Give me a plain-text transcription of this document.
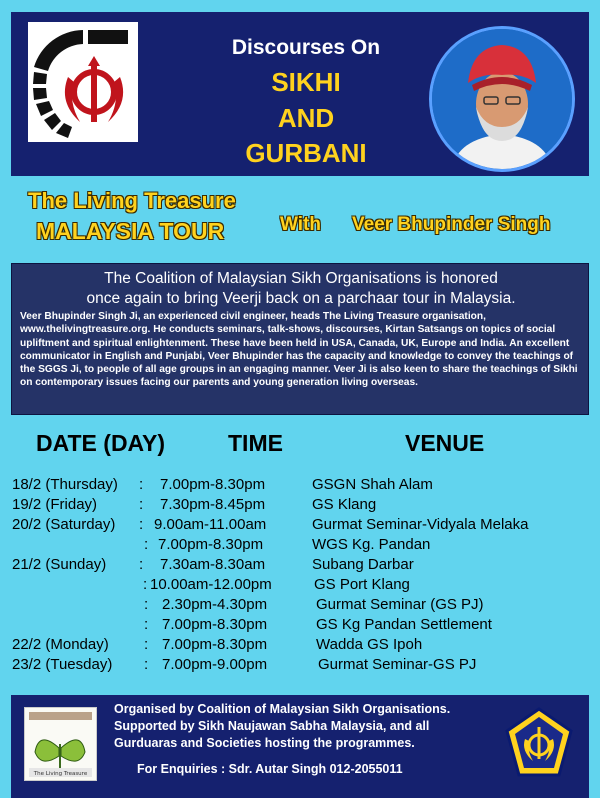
Discourses On
SIKHI
AND
GURBANI
The Living Treasure
MALAYSIA TOUR	With Veer Bhupinder Singh
The Coalition of Malaysian Sikh Organisations is honored
once again to bring Veerji back on a parchaar tour in Malaysia.
Veer Bhupinder Singh Ji, an experienced civil engineer, heads The Living Treasure organisation, www.thelivingtreasure.org. He conducts seminars, talk-shows, discourses, Kirtan Satsangs on topics of social upliftment and spiritual enlightenment. These have been held in USA, Canada, UK, Europe and India. An excellent communicator in English and Punjabi, Veer Bhupinder has the capacity and knowledge to convey the teachings of the SGGS Ji, to people of all age groups in an engaging manner. Veer Ji is also keen to share the teachings of Sikhi on contemporary issues facing our parents and young generation living overseas.
DATE (DAY)	TIME	VENUE
18/2 (Thursday) : 7.00pm-8.30pm	GSGN Shah Alam
19/2 (Friday)	: 7.30pm-8.45pm	GS Klang
20/2 (Saturday) : 9.00am-11.00am	Gurmat Seminar-Vidyala Melaka
: 7.00pm-8.30pm	WGS Kg. Pandan
21/2 (Sunday) : 7.30am-8.30am	Subang Darbar
: 10.00am-12.00pm	GS Port Klang
: 2.30pm-4.30pm	Gurmat Seminar (GS PJ)
: 7.00pm-8.30pm	GS Kg Pandan Settlement
22/2 (Monday) : 7.00pm-8.30pm	Wadda GS Ipoh
23/2 (Tuesday) : 7.00pm-9.00pm	Gurmat Seminar-GS PJ
The Living Treasure
Organised by Coalition of Malaysian Sikh Organisations.
Supported by Sikh Naujawan Sabha Malaysia, and all
Gurduaras and Societies hosting the programmes.
For Enquiries : Sdr. Autar Singh 012-2055011
